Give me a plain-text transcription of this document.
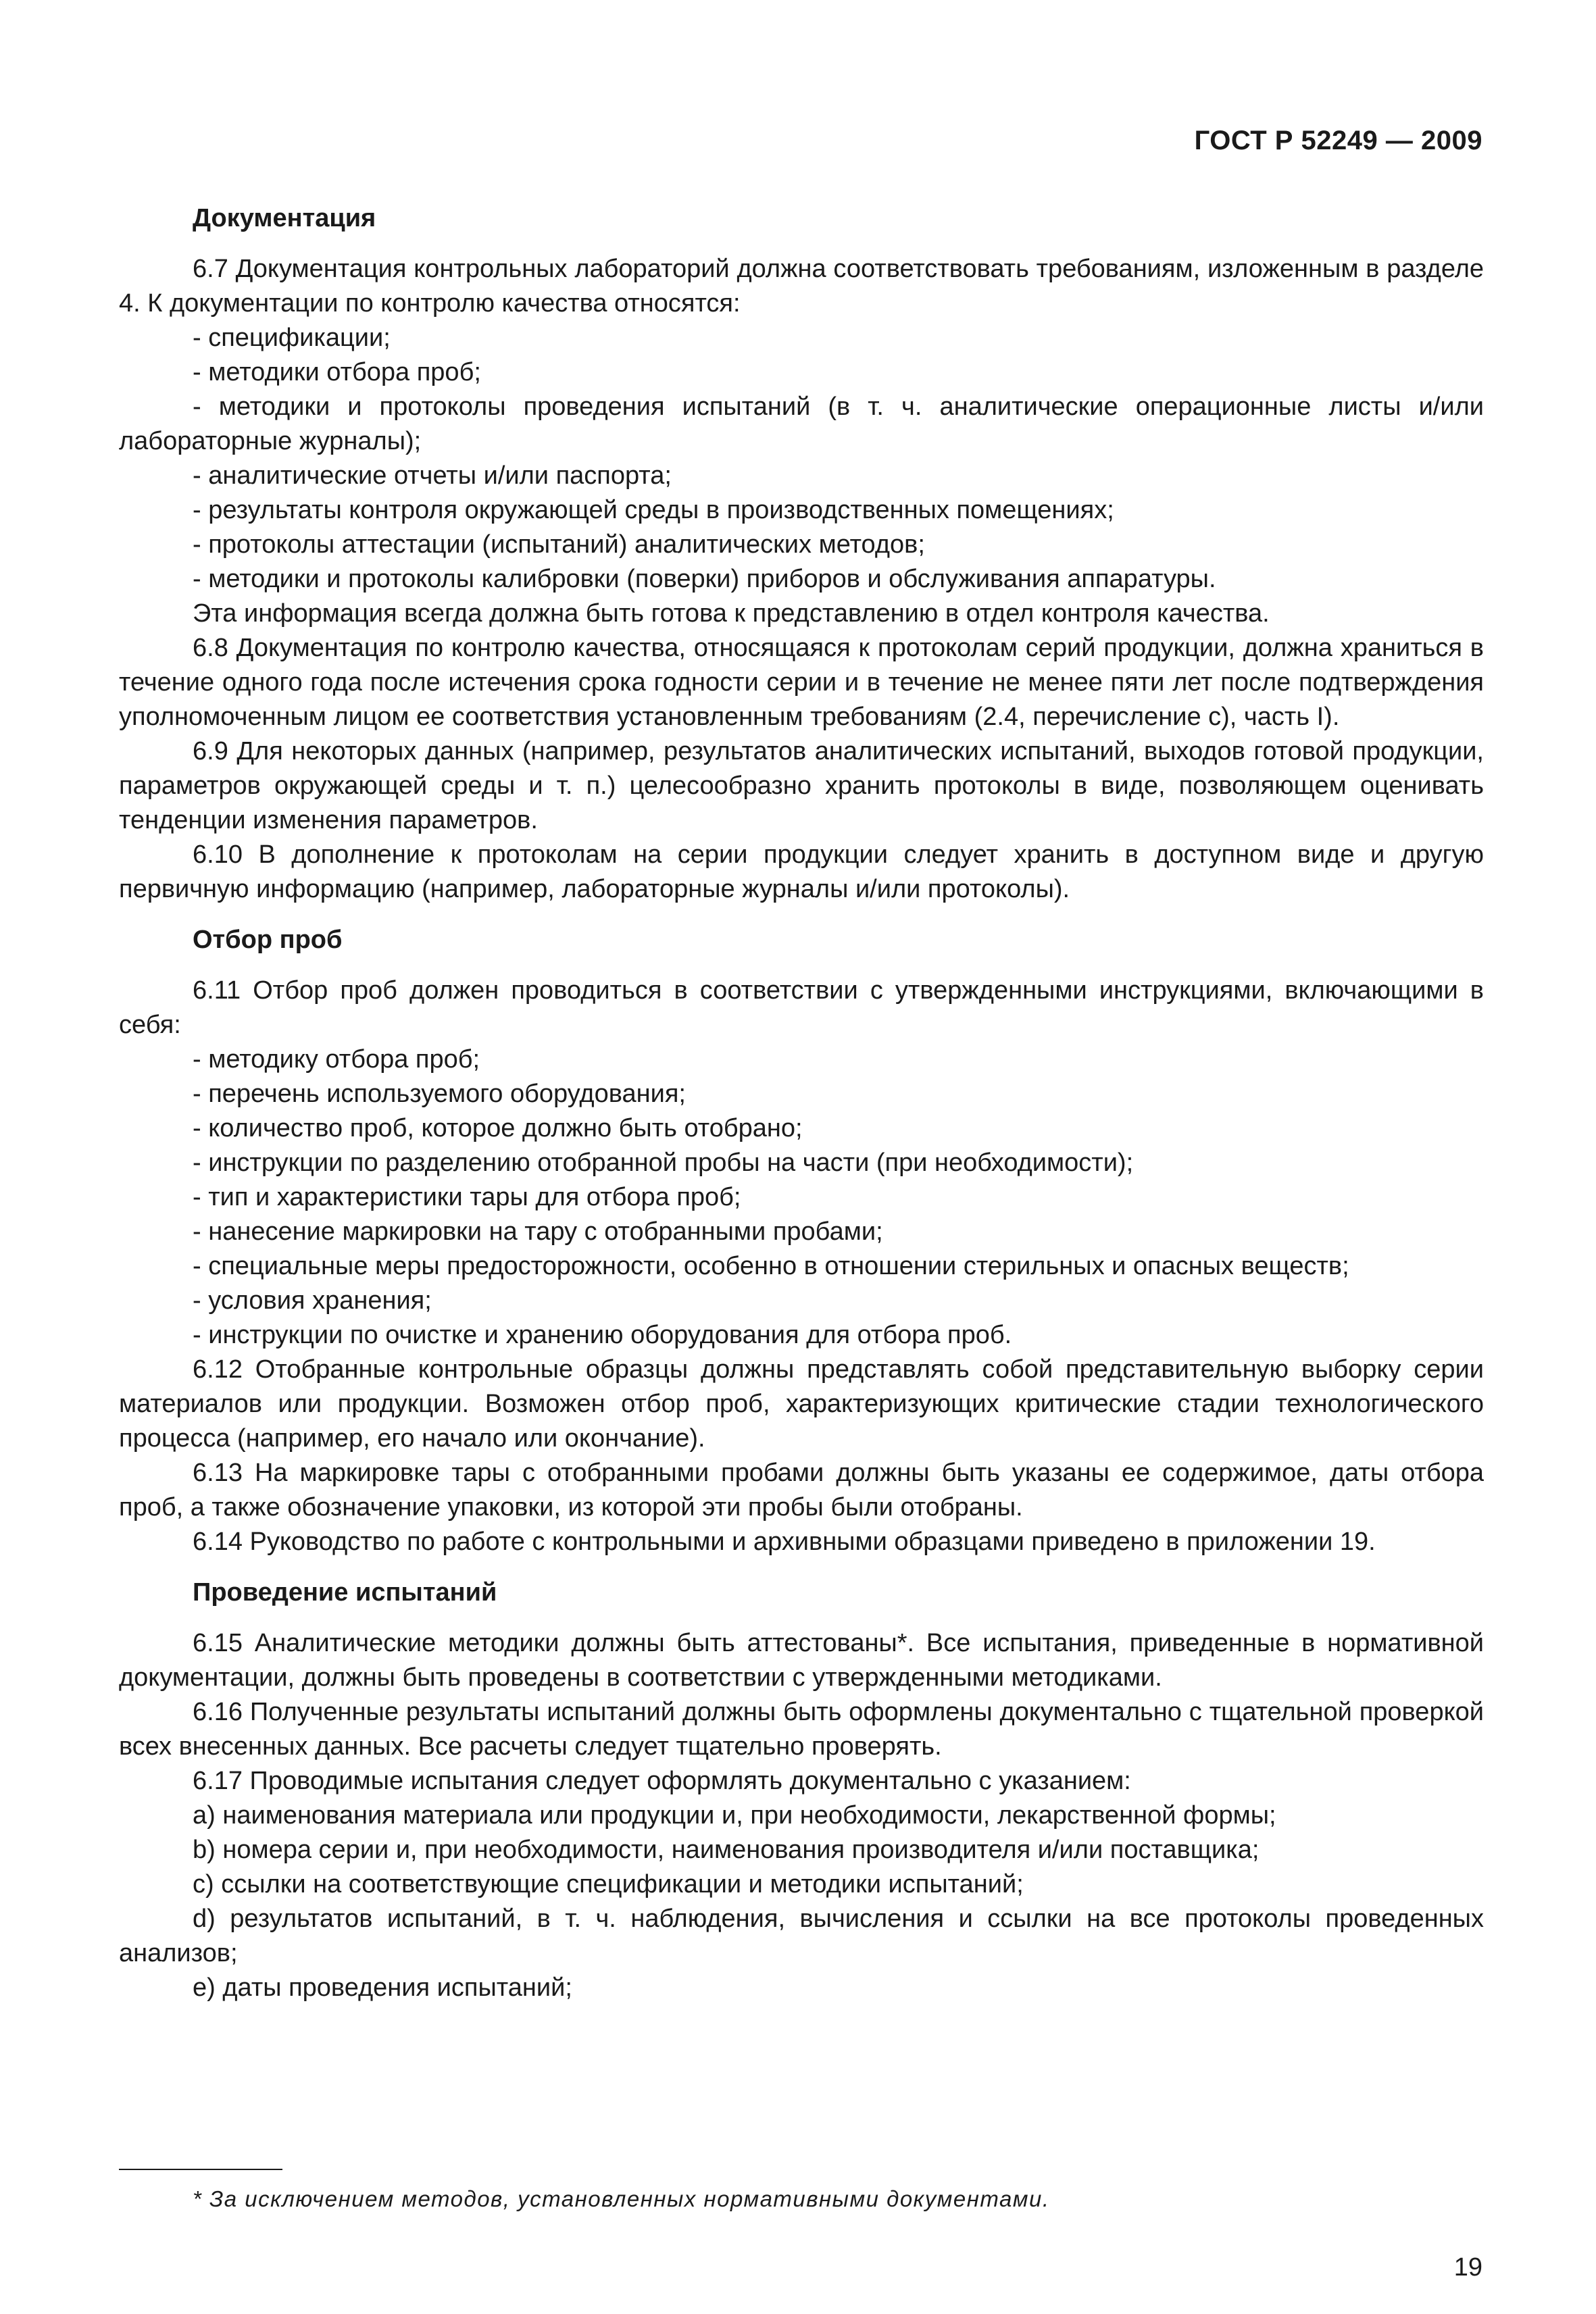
ГОСТ Р 52249 — 2009
Документация

6.7 Документация контрольных лабораторий должна соответствовать требованиям, изложенным в разделе 4. К документации по контролю качества относятся:

- спецификации;

- методики отбора проб;

- методики и протоколы проведения испытаний (в т. ч. аналитические операционные листы и/или лабораторные журналы);

- аналитические отчеты и/или паспорта;

- результаты контроля окружающей среды в производственных помещениях;

- протоколы аттестации (испытаний) аналитических методов;

- методики и протоколы калибровки (поверки) приборов и обслуживания аппаратуры.

Эта информация всегда должна быть готова к представлению в отдел контроля качества.

6.8 Документация по контролю качества, относящаяся к протоколам серий продукции, должна храниться в течение одного года после истечения срока годности серии и в течение не менее пяти лет после подтверждения уполномоченным лицом ее соответствия установленным требованиям (2.4, перечисление с), часть I).

6.9 Для некоторых данных (например, результатов аналитических испытаний, выходов готовой продукции, параметров окружающей среды и т. п.) целесообразно хранить протоколы в виде, позволяющем оценивать тенденции изменения параметров.

6.10 В дополнение к протоколам на серии продукции следует хранить в доступном виде и другую первичную информацию (например, лабораторные журналы и/или протоколы).

Отбор проб

6.11 Отбор проб должен проводиться в соответствии с утвержденными инструкциями, включающими в себя:

- методику отбора проб;

- перечень используемого оборудования;

- количество проб, которое должно быть отобрано;

- инструкции по разделению отобранной пробы на части (при необходимости);

- тип и характеристики тары для отбора проб;

- нанесение маркировки на тару с отобранными пробами;

- специальные меры предосторожности, особенно в отношении стерильных и опасных веществ;

- условия хранения;

- инструкции по очистке и хранению оборудования для отбора проб.

6.12 Отобранные контрольные образцы должны представлять собой представительную выборку серии материалов или продукции. Возможен отбор проб, характеризующих критические стадии технологического процесса (например, его начало или окончание).

6.13 На маркировке тары с отобранными пробами должны быть указаны ее содержимое, даты отбора проб, а также обозначение упаковки, из которой эти пробы были отобраны.

6.14 Руководство по работе с контрольными и архивными образцами приведено в приложении 19.

Проведение испытаний

6.15 Аналитические методики должны быть аттестованы*. Все испытания, приведенные в нормативной документации, должны быть проведены в соответствии с утвержденными методиками.

6.16 Полученные результаты испытаний должны быть оформлены документально с тщательной проверкой всех внесенных данных. Все расчеты следует тщательно проверять.

6.17 Проводимые испытания следует оформлять документально с указанием:

a) наименования материала или продукции и, при необходимости, лекарственной формы;

b) номера серии и, при необходимости, наименования производителя и/или поставщика;

c) ссылки на соответствующие спецификации и методики испытаний;

d) результатов испытаний, в т. ч. наблюдения, вычисления и ссылки на все протоколы проведенных анализов;

e) даты проведения испытаний;

* За исключением методов, установленных нормативными документами.
19
